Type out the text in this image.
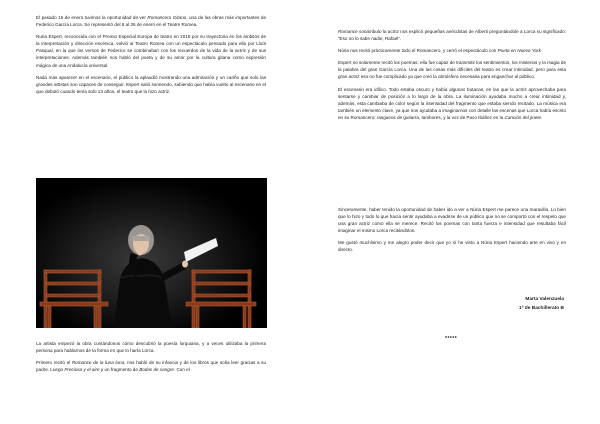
El pasado 16 de enero tuvimos la oportunidad de ver Romancero Gitano, una de las obras más importantes de Federico García Lorca. Se representó del 8 al 26 de enero en el Teatre Romea.

Nuria Espert, reconocida con el Premio Especial Europa de teatro en 2018 por su trayectoria en los ámbitos de la interpretación y dirección escénica, volvió al Teatro Romea con un espectáculo pensado para ella por Lluís Pasqual, en la que los versos de Federico se combinaban con los recuerdos de la vida de la actriz y de sus interpretaciones. Además también nos habló del poeta y de su amor por la cultura gitana como expresión mágica de una Andalucía universal.

Nada más aparecer en el escenario, el público la aplaudió mostrando una admiración y un cariño que solo las grandes artistas son capaces de conseguir. Espert salió sonriendo, sabiendo que había vuelto al escenario en el que debutó cuando tenía solo 13 años, el teatro que la hizo actriz.

La artista empezó la obra contándonos cómo descubrió la poesía lorquiana, y a veces utilizaba la primera persona para hablarnos de la forma en que lo haría Lorca.

Primero recitó el Romance de la luna luna, nos habló de su infancia y de los libros que solía leer gracias a su padre. Luego Preciosa y el aire y un fragmento de Bodas de sangre. Con el

Romance sonámbulo la actriz nos explicó pequeñas anécdotas de Alberti preguntándole a Lorca su significado: “Eso no lo sabe nadie, Rafael”.

Núria nos recitó prácticamente todo el Romancero, y cerró el espectáculo con Poeta en Nueva York

Espert no solamente recitó los poemas: ella fue capaz de transmitir los sentimientos, los misterios y la magia de la palabra del gran García Lorca. Una de las cosas más difíciles del teatro es crear intimidad, pero para esta gran actriz eso no fue complicado ya que creó la atmósfera necesaria para enganchar al público.

El escenario era idílico. Todo estaba oscuro y había algunas butacas, en las que la actriz aprovechaba para sentarse y cambiar de posición a lo largo de la obra. La iluminación ayudaba mucho a crear intimidad y, además, esta cambiaba de color según la intensidad del fragmento que estaba siendo recitado. La música era también un elemento clave, ya que nos ayudaba a imaginarnos con detalle las escenas que Lorca había escrito en su Romancero: rasgueos de guitarra, tambores, y la voz de Paco Ibáñez en la Canción del jinete.

Sinceramente, haber tenido la oportunidad de haber ido a ver a Núria Espert me parece una maravilla. Lo bien que lo hizo y todo lo que hacía sentir ayudaba a evadirse de un público que no se comportó con el respeto que una gran actriz como ella se merece. Recitó los poemas con tanta fuerza e intensidad que resultaba fácil imaginar el mismo Lorca recitándolos.

Me gustó muchísimo y me alegro poder decir que yo sí he visto a Núria Espert haciendo arte en vivo y en directo.

Marta Valenzuela
1º de Bachillerato B
*****
